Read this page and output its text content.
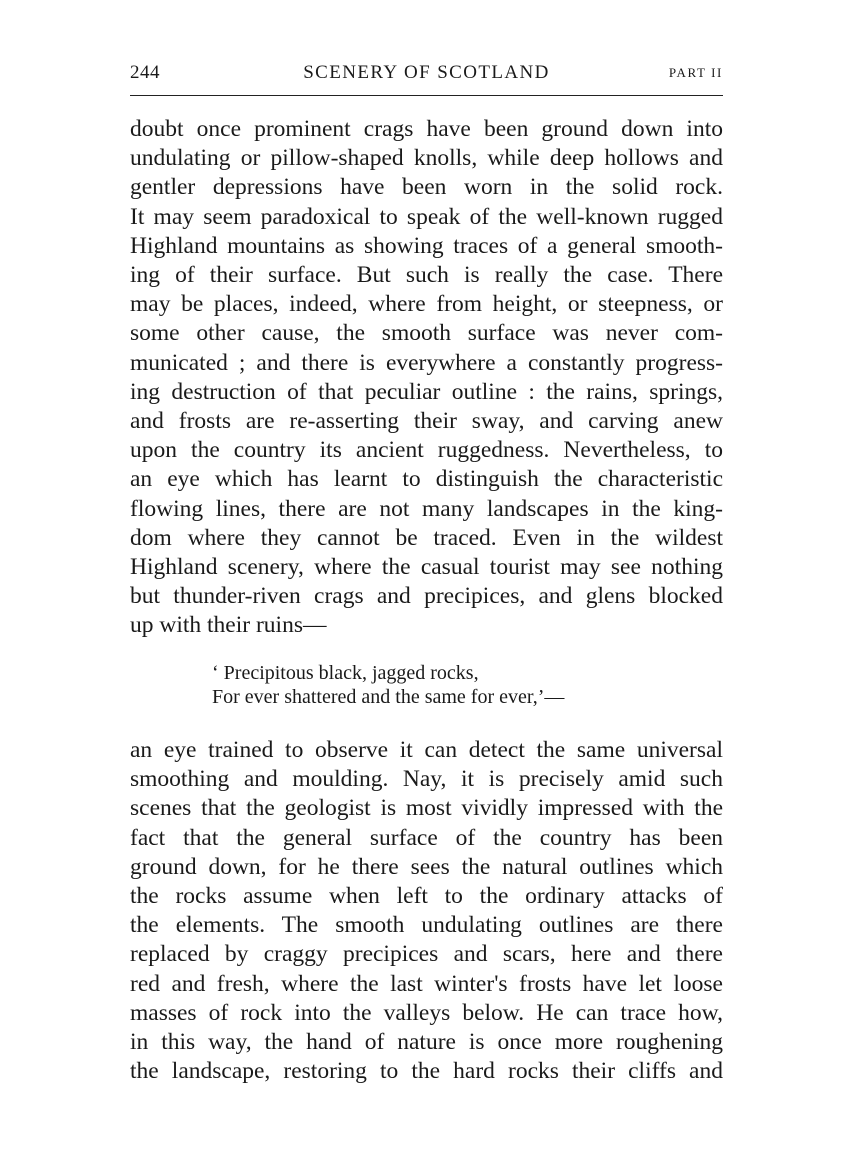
244	SCENERY OF SCOTLAND	PART II
doubt once prominent crags have been ground down into
undulating or pillow-shaped knolls, while deep hollows and
gentler depressions have been worn in the solid rock.
It may seem paradoxical to speak of the well-known rugged
Highland mountains as showing traces of a general smooth-
ing of their surface. But such is really the case. There
may be places, indeed, where from height, or steepness, or
some other cause, the smooth surface was never com-
municated ; and there is everywhere a constantly progress-
ing destruction of that peculiar outline : the rains, springs,
and frosts are re-asserting their sway, and carving anew
upon the country its ancient ruggedness. Nevertheless, to
an eye which has learnt to distinguish the characteristic
flowing lines, there are not many landscapes in the king-
dom where they cannot be traced. Even in the wildest
Highland scenery, where the casual tourist may see nothing
but thunder-riven crags and precipices, and glens blocked
up with their ruins—
‘ Precipitous black, jagged rocks,
For ever shattered and the same for ever,’—
an eye trained to observe it can detect the same universal
smoothing and moulding. Nay, it is precisely amid such
scenes that the geologist is most vividly impressed with the
fact that the general surface of the country has been
ground down, for he there sees the natural outlines which
the rocks assume when left to the ordinary attacks of
the elements. The smooth undulating outlines are there
replaced by craggy precipices and scars, here and there
red and fresh, where the last winter's frosts have let loose
masses of rock into the valleys below. He can trace how,
in this way, the hand of nature is once more roughening
the landscape, restoring to the hard rocks their cliffs and
